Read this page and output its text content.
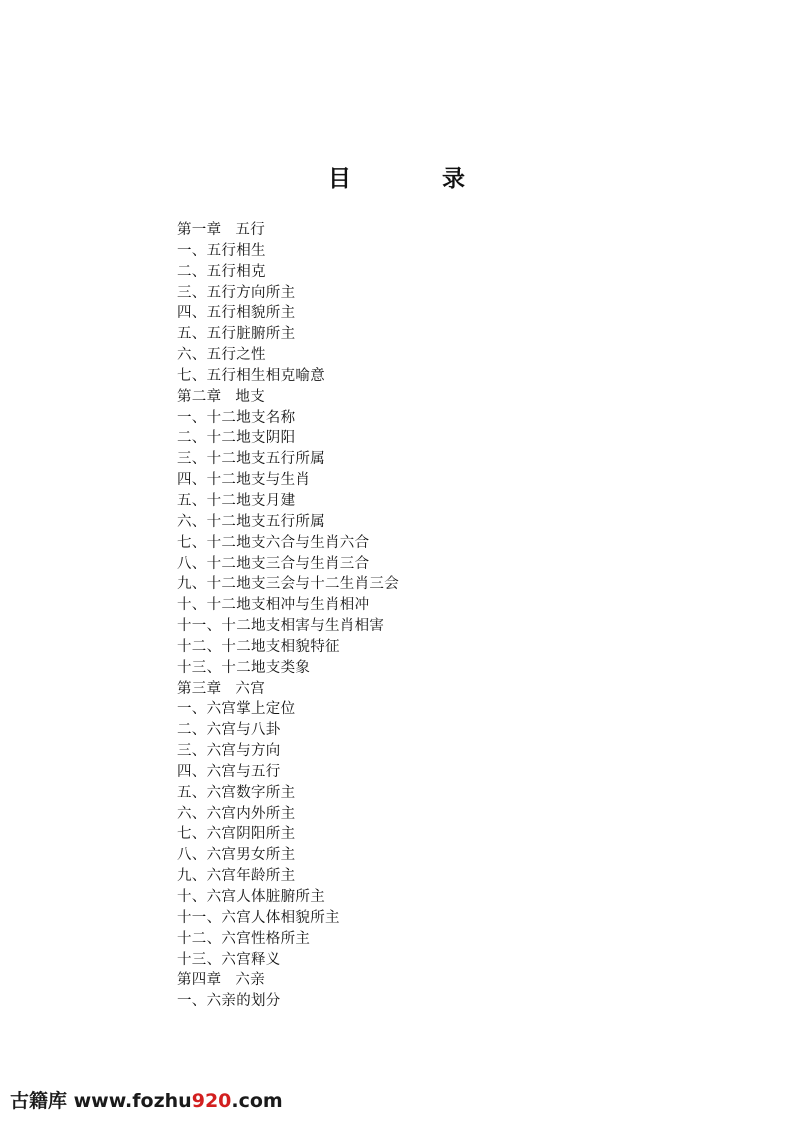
目　录
第一章 五行
一、五行相生
二、五行相克
三、五行方向所主
四、五行相貌所主
五、五行脏腑所主
六、五行之性
七、五行相生相克喻意
第二章 地支
一、十二地支名称
二、十二地支阴阳
三、十二地支五行所属
四、十二地支与生肖
五、十二地支月建
六、十二地支五行所属
七、十二地支六合与生肖六合
八、十二地支三合与生肖三合
九、十二地支三会与十二生肖三会
十、十二地支相冲与生肖相冲
十一、十二地支相害与生肖相害
十二、十二地支相貌特征
十三、十二地支类象
第三章 六宫
一、六宫掌上定位
二、六宫与八卦
三、六宫与方向
四、六宫与五行
五、六宫数字所主
六、六宫内外所主
七、六宫阴阳所主
八、六宫男女所主
九、六宫年龄所主
十、六宫人体脏腑所主
十一、六宫人体相貌所主
十二、六宫性格所主
十三、六宫释义
第四章 六亲
一、六亲的划分
古籍库 www.fozhu920.com
